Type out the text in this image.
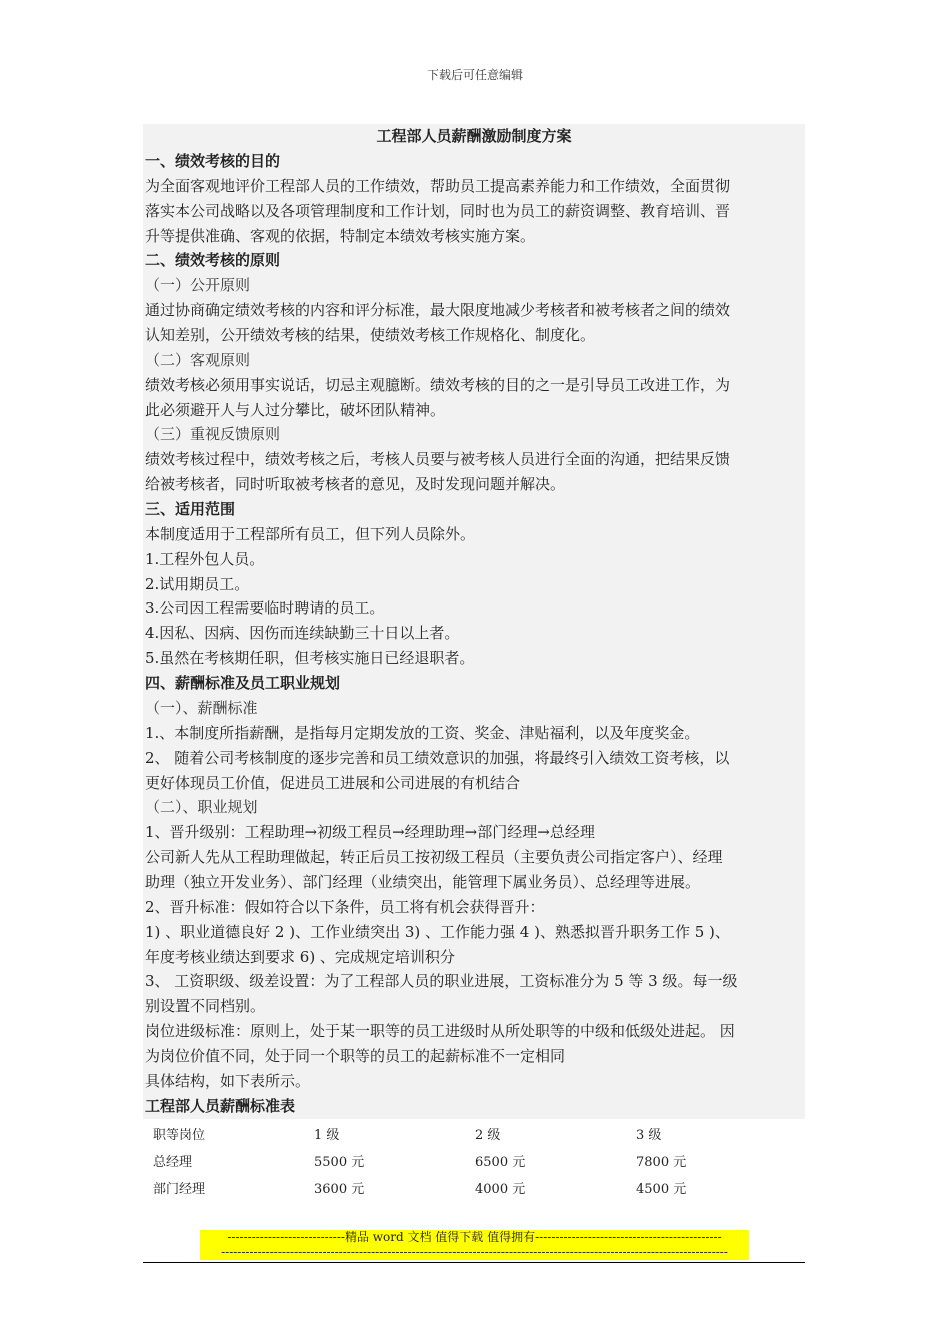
下载后可任意编辑
工程部人员薪酬激励制度方案
一、绩效考核的目的
为全面客观地评价工程部人员的工作绩效，帮助员工提高素养能力和工作绩效，全面贯彻
落实本公司战略以及各项管理制度和工作计划，同时也为员工的薪资调整、教育培训、晋
升等提供准确、客观的依据，特制定本绩效考核实施方案。
二、绩效考核的原则
（一）公开原则
通过协商确定绩效考核的内容和评分标准，最大限度地减少考核者和被考核者之间的绩效
认知差别，公开绩效考核的结果，使绩效考核工作规格化、制度化。
（二）客观原则
绩效考核必须用事实说话，切忌主观臆断。绩效考核的目的之一是引导员工改进工作，为
此必须避开人与人过分攀比，破坏团队精神。
（三）重视反馈原则
绩效考核过程中，绩效考核之后，考核人员要与被考核人员进行全面的沟通，把结果反馈
给被考核者，同时听取被考核者的意见，及时发现问题并解决。
三、适用范围
本制度适用于工程部所有员工，但下列人员除外。
1.工程外包人员。
2.试用期员工。
3.公司因工程需要临时聘请的员工。
4.因私、因病、因伤而连续缺勤三十日以上者。
5.虽然在考核期任职，但考核实施日已经退职者。
四、薪酬标准及员工职业规划
（一）、薪酬标准
1.、本制度所指薪酬，是指每月定期发放的工资、奖金、津贴福利，以及年度奖金。
2、 随着公司考核制度的逐步完善和员工绩效意识的加强，将最终引入绩效工资考核，以
更好体现员工价值，促进员工进展和公司进展的有机结合
（二）、职业规划
1、晋升级别：工程助理→初级工程员→经理助理→部门经理→总经理
公司新人先从工程助理做起，转正后员工按初级工程员（主要负责公司指定客户）、经理
助理（独立开发业务）、部门经理（业绩突出，能管理下属业务员）、总经理等进展。
2、晋升标准：假如符合以下条件，员工将有机会获得晋升：
1) 、职业道德良好 2 )、工作业绩突出 3) 、工作能力强 4 )、熟悉拟晋升职务工作 5 )、
年度考核业绩达到要求 6) 、完成规定培训积分
3、 工资职级、级差设置：为了工程部人员的职业进展，工资标准分为 5 等 3 级。每一级
别设置不同档别。
岗位进级标准：原则上，处于某一职等的员工进级时从所处职等的中级和低级处进起。 因
为岗位价值不同，处于同一个职等的员工的起薪标准不一定相同
具体结构，如下表所示。
工程部人员薪酬标准表
职等岗位	1 级	2 级	3 级
总经理	5500 元	6500 元	7800 元
部门经理	3600 元	4000 元	4500 元
-----------------------------精品 word 文档 值得下载 值得拥有----------------------------------------------
-----------------------------------------------------------------------------------------------------------------------------
